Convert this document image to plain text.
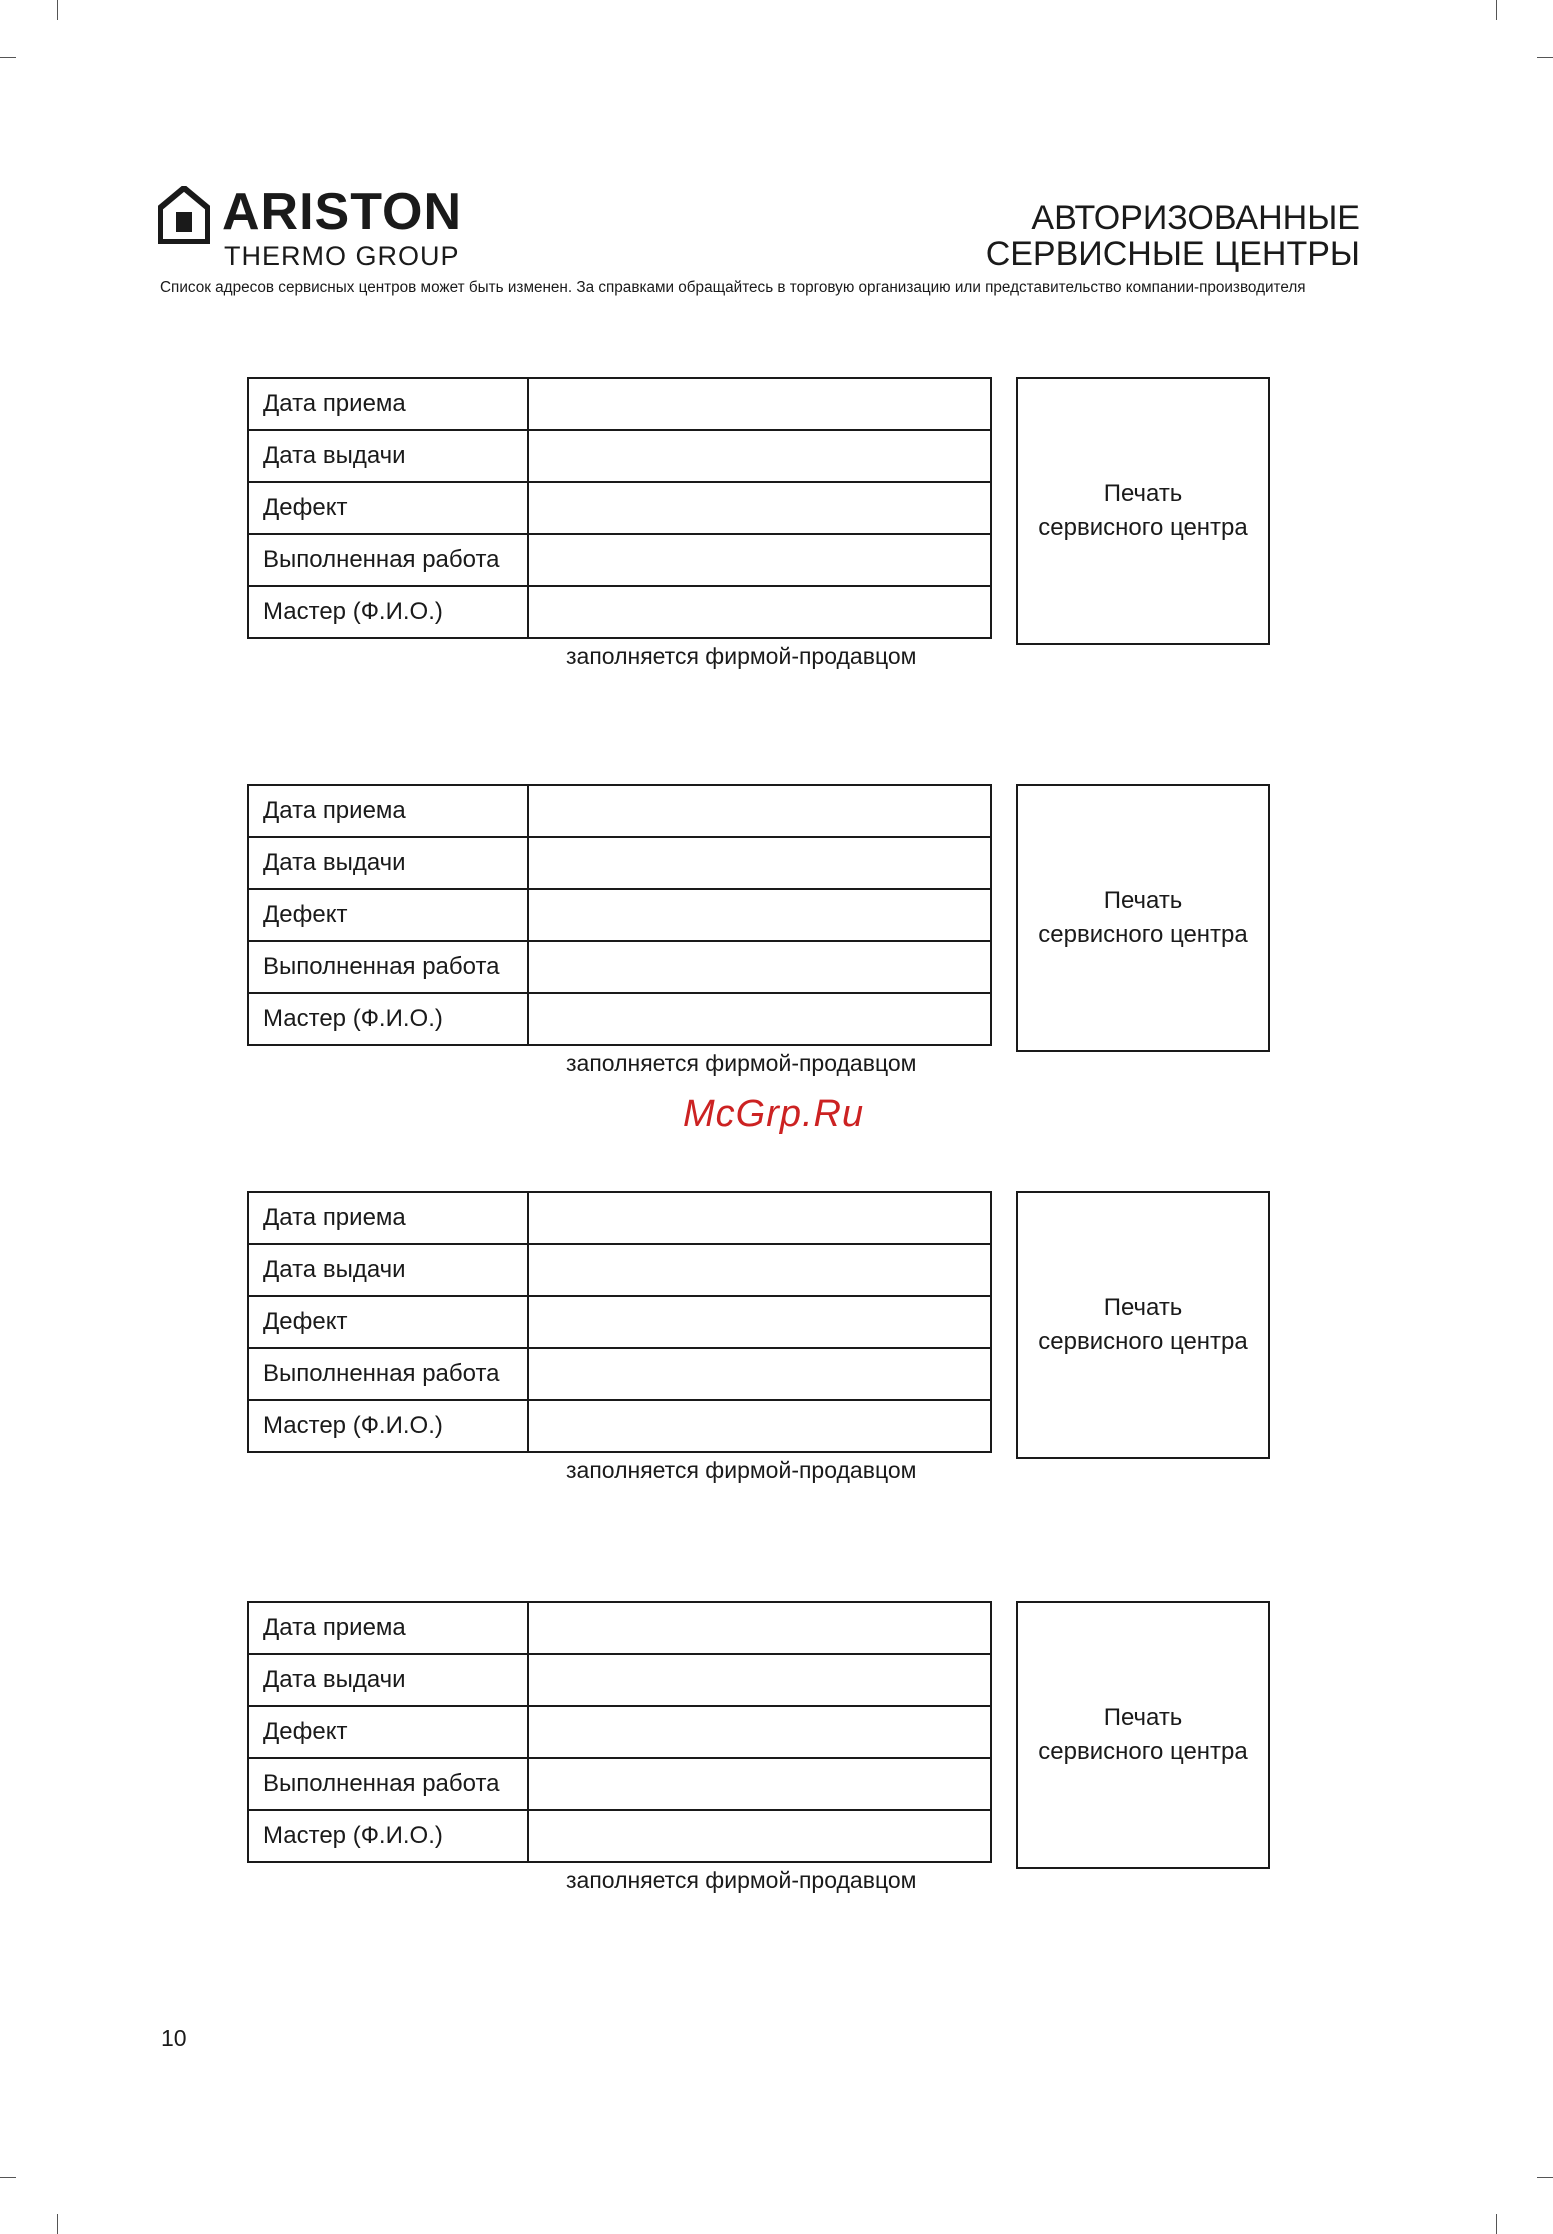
ARISTON
THERMO GROUP
АВТОРИЗОВАННЫЕ
СЕРВИСНЫЕ ЦЕНТРЫ
Список адресов сервисных центров может быть изменен. За справками обращайтесь в торговую организацию или представительство компании-производителя
Дата приема	
Дата выдачи	
Дефект	
Выполненная работа	
Мастер (Ф.И.О.)	
Печать
сервисного центра
заполняется фирмой-продавцом
Дата приема	
Дата выдачи	
Дефект	
Выполненная работа	
Мастер (Ф.И.О.)	
Печать
сервисного центра
заполняется фирмой-продавцом
McGrp.Ru
Дата приема	
Дата выдачи	
Дефект	
Выполненная работа	
Мастер (Ф.И.О.)	
Печать
сервисного центра
заполняется фирмой-продавцом
Дата приема	
Дата выдачи	
Дефект	
Выполненная работа	
Мастер (Ф.И.О.)	
Печать
сервисного центра
заполняется фирмой-продавцом
10
